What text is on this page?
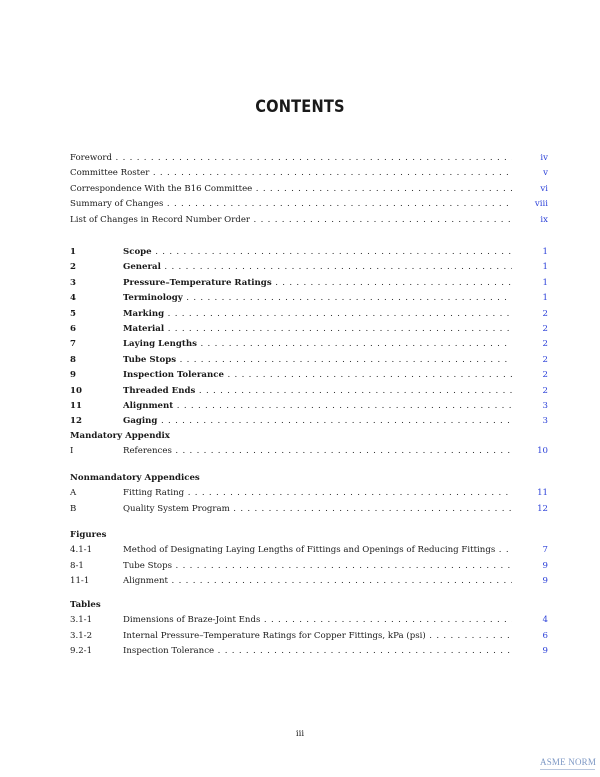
CONTENTS
Foreword . . .	iv
Committee Roster . . .	v
Correspondence With the B16 Committee . . .	vi
Summary of Changes . . .	viii
List of Changes in Record Number Order . . .	ix
1	Scope . . .	1
2	General . . .	1
3	Pressure–Temperature Ratings . . .	1
4	Terminology . . .	1
5	Marking . . .	2
6	Material . . .	2
7	Laying Lengths . . .	2
8	Tube Stops . . .	2
9	Inspection Tolerance . . .	2
10	Threaded Ends . . .	2
11	Alignment . . .	3
12	Gaging . . .	3
Mandatory Appendix
I	References . . .	10
Nonmandatory Appendices
A	Fitting Rating . . .	11
B	Quality System Program . . .	12
Figures
4.1-1	Method of Designating Laying Lengths of Fittings and Openings of Reducing Fittings . . .	7
8-1	Tube Stops . . .	9
11-1	Alignment . . .	9
Tables
3.1-1	Dimensions of Braze-Joint Ends . . .	4
3.1-2	Internal Pressure–Temperature Ratings for Copper Fittings, kPa (psi) . . .	6
9.2-1	Inspection Tolerance . . .	9
iii
ASME NORM
